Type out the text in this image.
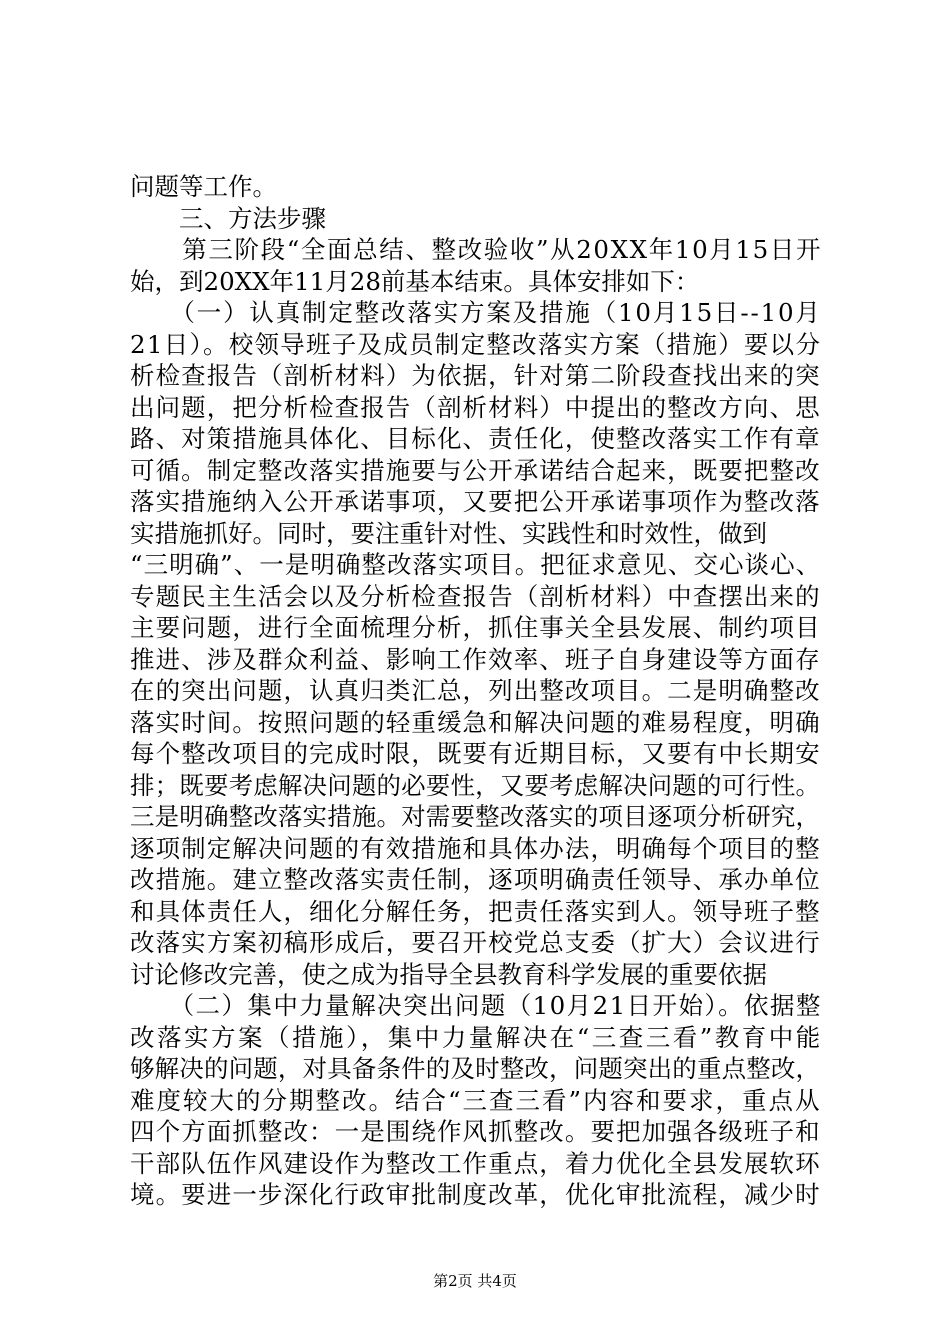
问题等工作。
　　三、方法步骤
　　第三阶段“全面总结、整改验收”从20XX年10月15日开
始，到20XX年11月28前基本结束。具体安排如下：
　　（一）认真制定整改落实方案及措施（10月15日--10月
21日）。校领导班子及成员制定整改落实方案（措施）要以分
析检查报告（剖析材料）为依据，针对第二阶段查找出来的突
出问题，把分析检查报告（剖析材料）中提出的整改方向、思
路、对策措施具体化、目标化、责任化，使整改落实工作有章
可循。制定整改落实措施要与公开承诺结合起来，既要把整改
落实措施纳入公开承诺事项，又要把公开承诺事项作为整改落
实措施抓好。同时，要注重针对性、实践性和时效性，做到
“三明确”、一是明确整改落实项目。把征求意见、交心谈心、
专题民主生活会以及分析检查报告（剖析材料）中查摆出来的
主要问题，进行全面梳理分析，抓住事关全县发展、制约项目
推进、涉及群众利益、影响工作效率、班子自身建设等方面存
在的突出问题，认真归类汇总，列出整改项目。二是明确整改
落实时间。按照问题的轻重缓急和解决问题的难易程度，明确
每个整改项目的完成时限，既要有近期目标，又要有中长期安
排；既要考虑解决问题的必要性，又要考虑解决问题的可行性。
三是明确整改落实措施。对需要整改落实的项目逐项分析研究，
逐项制定解决问题的有效措施和具体办法，明确每个项目的整
改措施。建立整改落实责任制，逐项明确责任领导、承办单位
和具体责任人，细化分解任务，把责任落实到人。领导班子整
改落实方案初稿形成后，要召开校党总支委（扩大）会议进行
讨论修改完善，使之成为指导全县教育科学发展的重要依据
　　（二）集中力量解决突出问题（10月21日开始）。依据整
改落实方案（措施），集中力量解决在“三查三看”教育中能
够解决的问题，对具备条件的及时整改，问题突出的重点整改，
难度较大的分期整改。结合“三查三看”内容和要求，重点从
四个方面抓整改：一是围绕作风抓整改。要把加强各级班子和
干部队伍作风建设作为整改工作重点，着力优化全县发展软环
境。要进一步深化行政审批制度改革，优化审批流程，减少时
第2页 共4页
